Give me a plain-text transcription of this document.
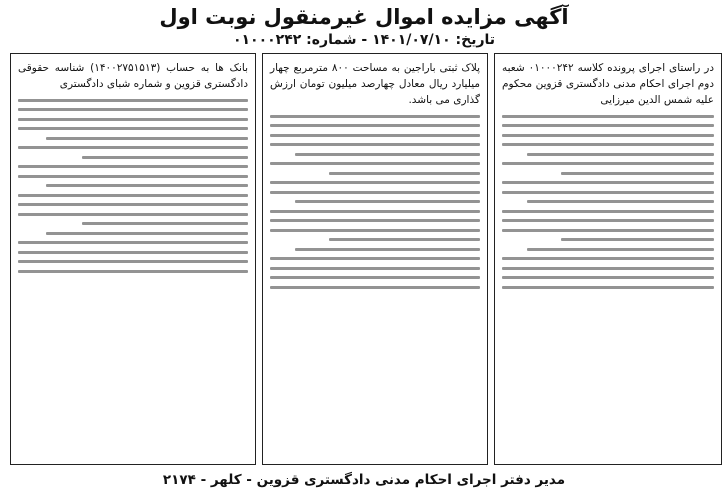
آگهی مزایده اموال غیرمنقول نوبت اول
تاریخ: ۱۴۰۱/۰۷/۱۰ - شماره: ۰۱۰۰۰۲۴۲

در راستای اجرای پرونده کلاسه ۰۱۰۰۰۲۴۲ شعبه دوم اجرای احکام مدنی دادگستری قزوین محکوم علیه شمس الدین میرزایی

پلاک ثبتی باراجین به مساحت ۸۰۰ مترمربع چهار میلیارد ریال معادل چهارصد میلیون تومان ارزش گذاری می باشد.

بانک ها به حساب (۱۴۰۰۲۷۵۱۵۱۳) شناسه حقوقی دادگستری قزوین و شماره شبای دادگستری

مدیر دفتر اجرای احکام مدنی دادگستری قزوین - کلهر - ۲۱۷۴
